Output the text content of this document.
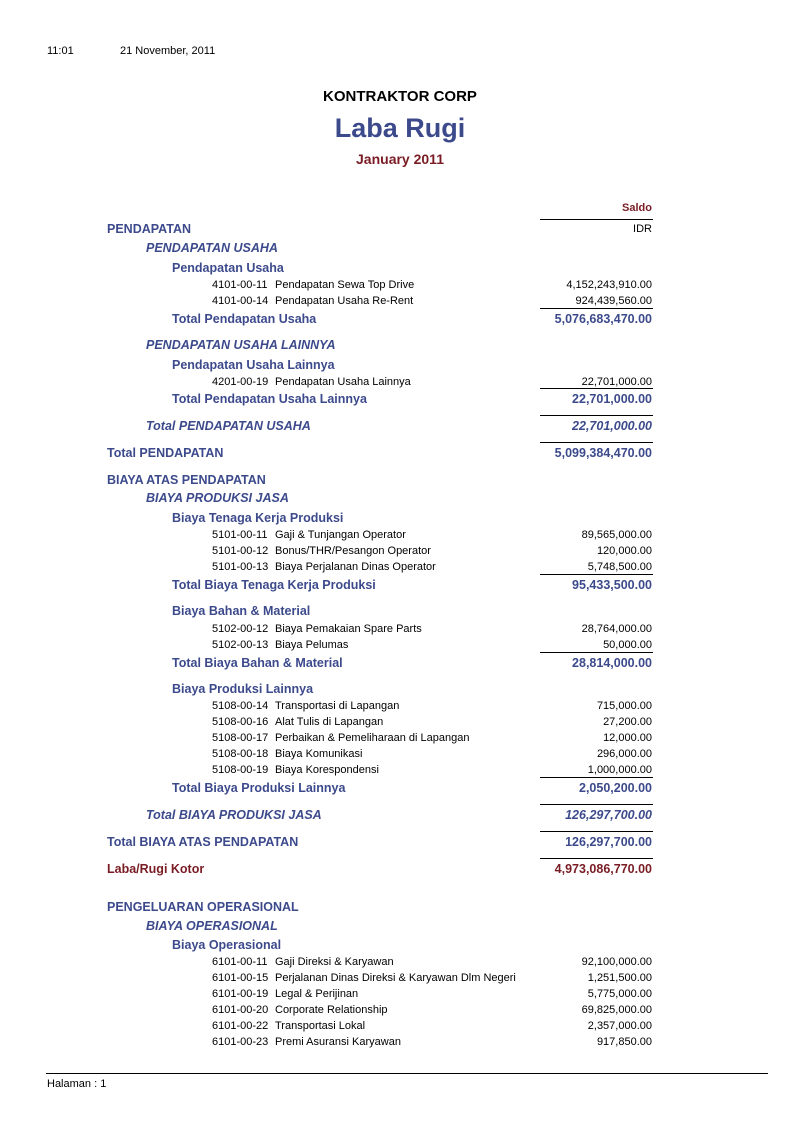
11:01	21 November, 2011
KONTRAKTOR CORP
Laba Rugi
January 2011
Saldo
IDR
PENDAPATAN
PENDAPATAN USAHA
Pendapatan Usaha
4101-00-11 Pendapatan Sewa Top Drive	4,152,243,910.00
4101-00-14 Pendapatan Usaha Re-Rent	924,439,560.00
Total Pendapatan Usaha	5,076,683,470.00
PENDAPATAN USAHA LAINNYA
Pendapatan Usaha Lainnya
4201-00-19 Pendapatan Usaha Lainnya	22,701,000.00
Total Pendapatan Usaha Lainnya	22,701,000.00
Total PENDAPATAN USAHA	22,701,000.00
Total PENDAPATAN	5,099,384,470.00
BIAYA ATAS PENDAPATAN
BIAYA PRODUKSI JASA
Biaya Tenaga Kerja Produksi
5101-00-11 Gaji & Tunjangan Operator	89,565,000.00
5101-00-12 Bonus/THR/Pesangon Operator	120,000.00
5101-00-13 Biaya Perjalanan Dinas Operator	5,748,500.00
Total Biaya Tenaga Kerja Produksi	95,433,500.00
Biaya Bahan & Material
5102-00-12 Biaya Pemakaian Spare Parts	28,764,000.00
5102-00-13 Biaya Pelumas	50,000.00
Total Biaya Bahan & Material	28,814,000.00
Biaya Produksi Lainnya
5108-00-14 Transportasi di Lapangan	715,000.00
5108-00-16 Alat Tulis di Lapangan	27,200.00
5108-00-17 Perbaikan & Pemeliharaan di Lapangan	12,000.00
5108-00-18 Biaya Komunikasi	296,000.00
5108-00-19 Biaya Korespondensi	1,000,000.00
Total Biaya Produksi Lainnya	2,050,200.00
Total BIAYA PRODUKSI JASA	126,297,700.00
Total BIAYA ATAS PENDAPATAN	126,297,700.00
Laba/Rugi Kotor	4,973,086,770.00
PENGELUARAN OPERASIONAL
BIAYA OPERASIONAL
Biaya Operasional
6101-00-11 Gaji Direksi & Karyawan	92,100,000.00
6101-00-15 Perjalanan Dinas Direksi & Karyawan Dlm Negeri	1,251,500.00
6101-00-19 Legal & Perijinan	5,775,000.00
6101-00-20 Corporate Relationship	69,825,000.00
6101-00-22 Transportasi Lokal	2,357,000.00
6101-00-23 Premi Asuransi Karyawan	917,850.00
Halaman : 1
